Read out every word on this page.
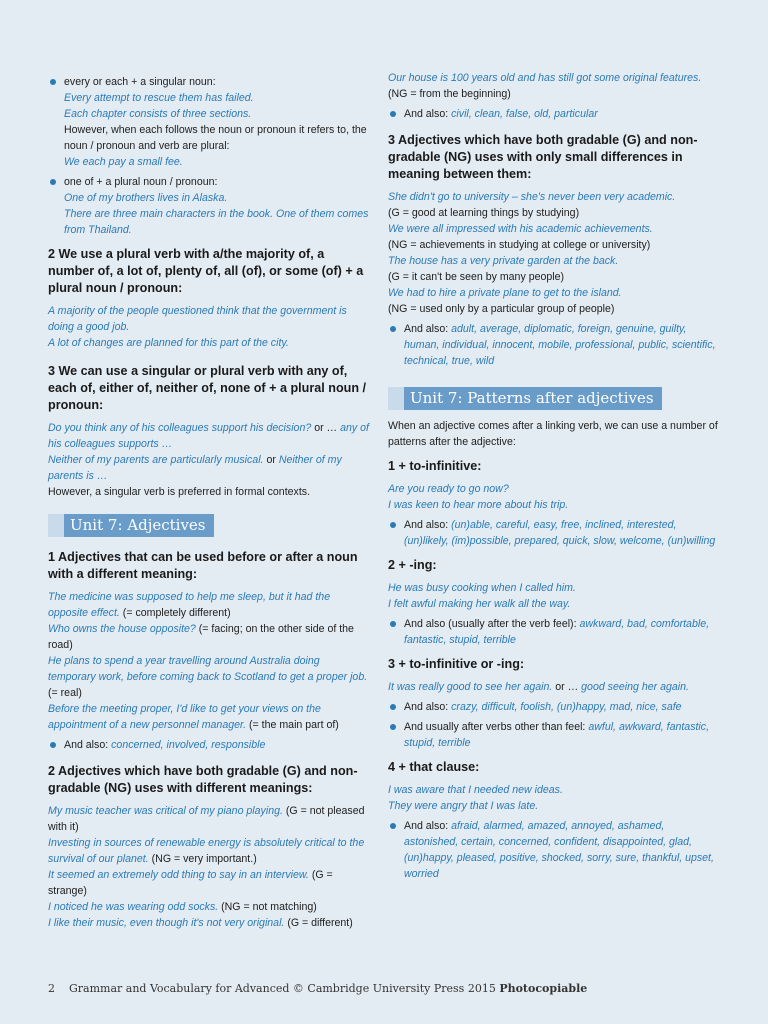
every or each + a singular noun:

Every attempt to rescue them has failed.

Each chapter consists of three sections.

However, when each follows the noun or pronoun it refers to, the noun / pronoun and verb are plural:

We each pay a small fee.

one of + a plural noun / pronoun:

One of my brothers lives in Alaska.

There are three main characters in the book. One of them comes from Thailand.

2 We use a plural verb with a/the majority of, a number of, a lot of, plenty of, all (of), or some (of) + a plural noun / pronoun:

A majority of the people questioned think that the government is doing a good job.

A lot of changes are planned for this part of the city.

3 We can use a singular or plural verb with any of, each of, either of, neither of, none of + a plural noun / pronoun:

Do you think any of his colleagues support his decision? or … any of his colleagues supports …

Neither of my parents are particularly musical. or Neither of my parents is …

However, a singular verb is preferred in formal contexts.

Unit 7: Adjectives
1 Adjectives that can be used before or after a noun with a different meaning:

The medicine was supposed to help me sleep, but it had the opposite effect. (= completely different)

Who owns the house opposite? (= facing; on the other side of the road)

He plans to spend a year travelling around Australia doing temporary work, before coming back to Scotland to get a proper job. (= real)

Before the meeting proper, I'd like to get your views on the appointment of a new personnel manager. (= the main part of)

And also: concerned, involved, responsible
2 Adjectives which have both gradable (G) and non-gradable (NG) uses with different meanings:

My music teacher was critical of my piano playing. (G = not pleased with it)

Investing in sources of renewable energy is absolutely critical to the survival of our planet. (NG = very important.)

It seemed an extremely odd thing to say in an interview. (G = strange)

I noticed he was wearing odd socks. (NG = not matching)

I like their music, even though it's not very original. (G = different)

Our house is 100 years old and has still got some original features.

(NG = from the beginning)

And also: civil, clean, false, old, particular
3 Adjectives which have both gradable (G) and non-gradable (NG) uses with only small differences in meaning between them:

She didn't go to university – she's never been very academic.

(G = good at learning things by studying)

We were all impressed with his academic achievements.

(NG = achievements in studying at college or university)

The house has a very private garden at the back.

(G = it can't be seen by many people)

We had to hire a private plane to get to the island.

(NG = used only by a particular group of people)

And also: adult, average, diplomatic, foreign, genuine, guilty, human, individual, innocent, mobile, professional, public, scientific, technical, true, wild
Unit 7: Patterns after adjectives

When an adjective comes after a linking verb, we can use a number of patterns after the adjective:

1 + to-infinitive:

Are you ready to go now?

I was keen to hear more about his trip.

And also: (un)able, careful, easy, free, inclined, interested, (un)likely, (im)possible, prepared, quick, slow, welcome, (un)willing
2 + -ing:

He was busy cooking when I called him.

I felt awful making her walk all the way.

And also (usually after the verb feel): awkward, bad, comfortable, fantastic, stupid, terrible
3 + to-infinitive or -ing:

It was really good to see her again. or … good seeing her again.

And also: crazy, difficult, foolish, (un)happy, mad, nice, safe
And usually after verbs other than feel: awful, awkward, fantastic, stupid, terrible
4 + that clause:

I was aware that I needed new ideas.

They were angry that I was late.

And also: afraid, alarmed, amazed, annoyed, ashamed, astonished, certain, concerned, confident, disappointed, glad, (un)happy, pleased, positive, shocked, sorry, sure, thankful, upset, worried
2 Grammar and Vocabulary for Advanced © Cambridge University Press 2015 Photocopiable
